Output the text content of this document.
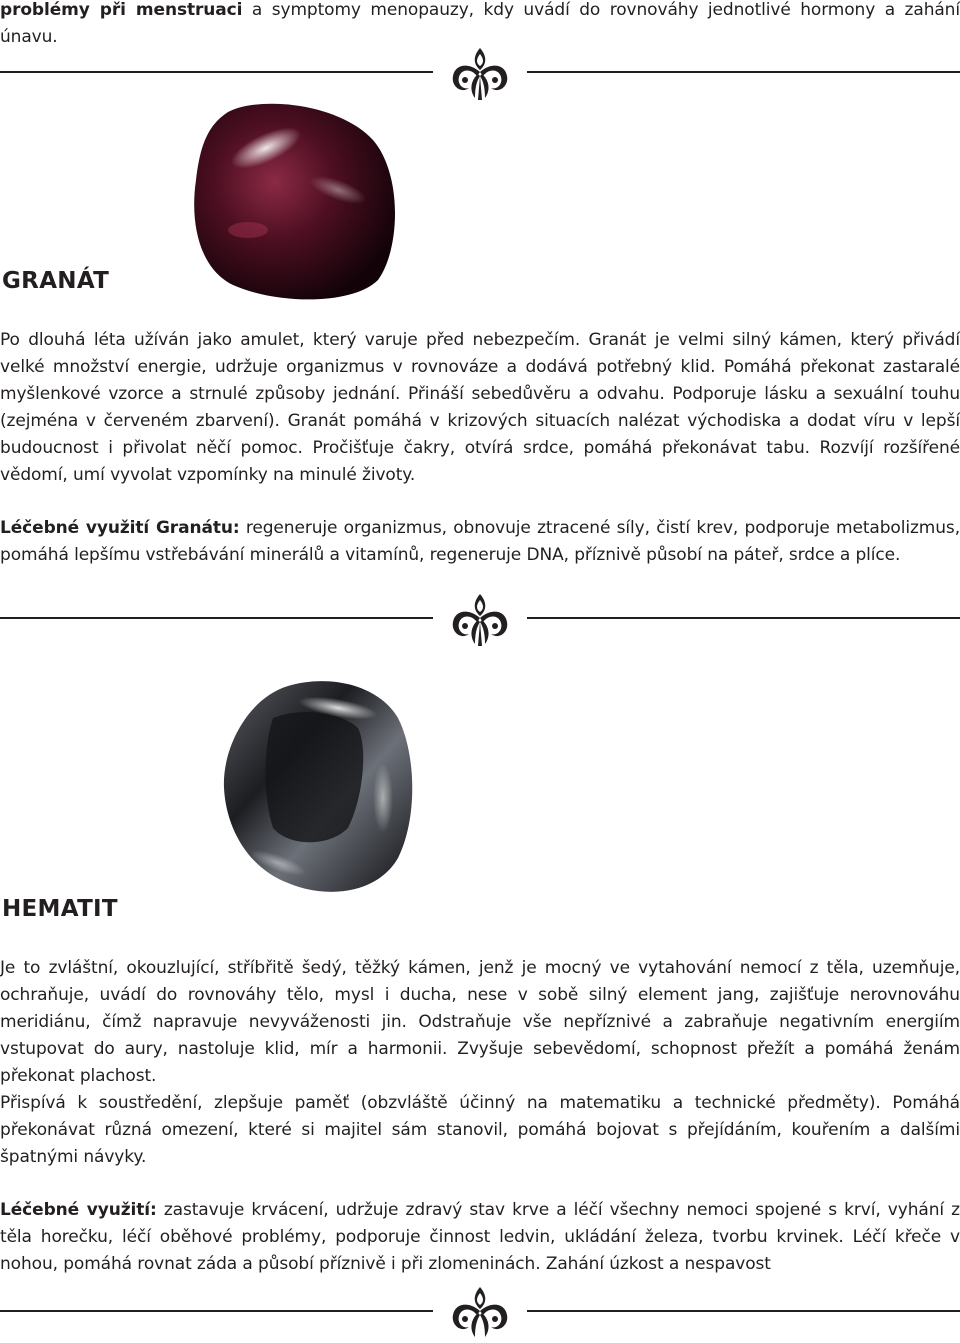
problémy při menstruaci a symptomy menopauzy, kdy uvádí do rovnováhy jednotlivé hormony a zahání únavu.

GRANÁT

Po dlouhá léta užíván jako amulet, který varuje před nebezpečím. Granát je velmi silný kámen, který přivádí velké množství energie, udržuje organizmus v rovnováze a dodává potřebný klid. Pomáhá překonat zastaralé myšlenkové vzorce a strnulé způsoby jednání. Přináší sebedůvěru a odvahu. Podporuje lásku a sexuální touhu (zejména v červeném zbarvení). Granát pomáhá v krizových situacích nalézat východiska a dodat víru v lepší budoucnost i přivolat něčí pomoc. Pročišťuje čakry, otvírá srdce, pomáhá překonávat tabu. Rozvíjí rozšířené vědomí, umí vyvolat vzpomínky na minulé životy.

Léčebné využití Granátu: regeneruje organizmus, obnovuje ztracené síly, čistí krev, podporuje metabolizmus, pomáhá lepšímu vstřebávání minerálů a vitamínů, regeneruje DNA, příznivě působí na páteř, srdce a plíce.

HEMATIT

Je to zvláštní, okouzlující, stříbřitě šedý, těžký kámen, jenž je mocný ve vytahování nemocí z těla, uzemňuje, ochraňuje, uvádí do rovnováhy tělo, mysl i ducha, nese v sobě silný element jang, zajišťuje nerovnováhu meridiánu, čímž napravuje nevyváženosti jin. Odstraňuje vše nepříznivé a zabraňuje negativním energiím vstupovat do aury, nastoluje klid, mír a harmonii. Zvyšuje sebevědomí, schopnost přežít a pomáhá ženám překonat plachost.

Přispívá k soustředění, zlepšuje paměť (obzvláště účinný na matematiku a technické předměty). Pomáhá překonávat různá omezení, které si majitel sám stanovil, pomáhá bojovat s přejídáním, kouřením a dalšími špatnými návyky.

Léčebné využití: zastavuje krvácení, udržuje zdravý stav krve a léčí všechny nemoci spojené s krví, vyhání z těla horečku, léčí oběhové problémy, podporuje činnost ledvin, ukládání železa, tvorbu krvinek. Léčí křeče v nohou, pomáhá rovnat záda a působí příznivě i při zlomeninách. Zahání úzkost a nespavost
